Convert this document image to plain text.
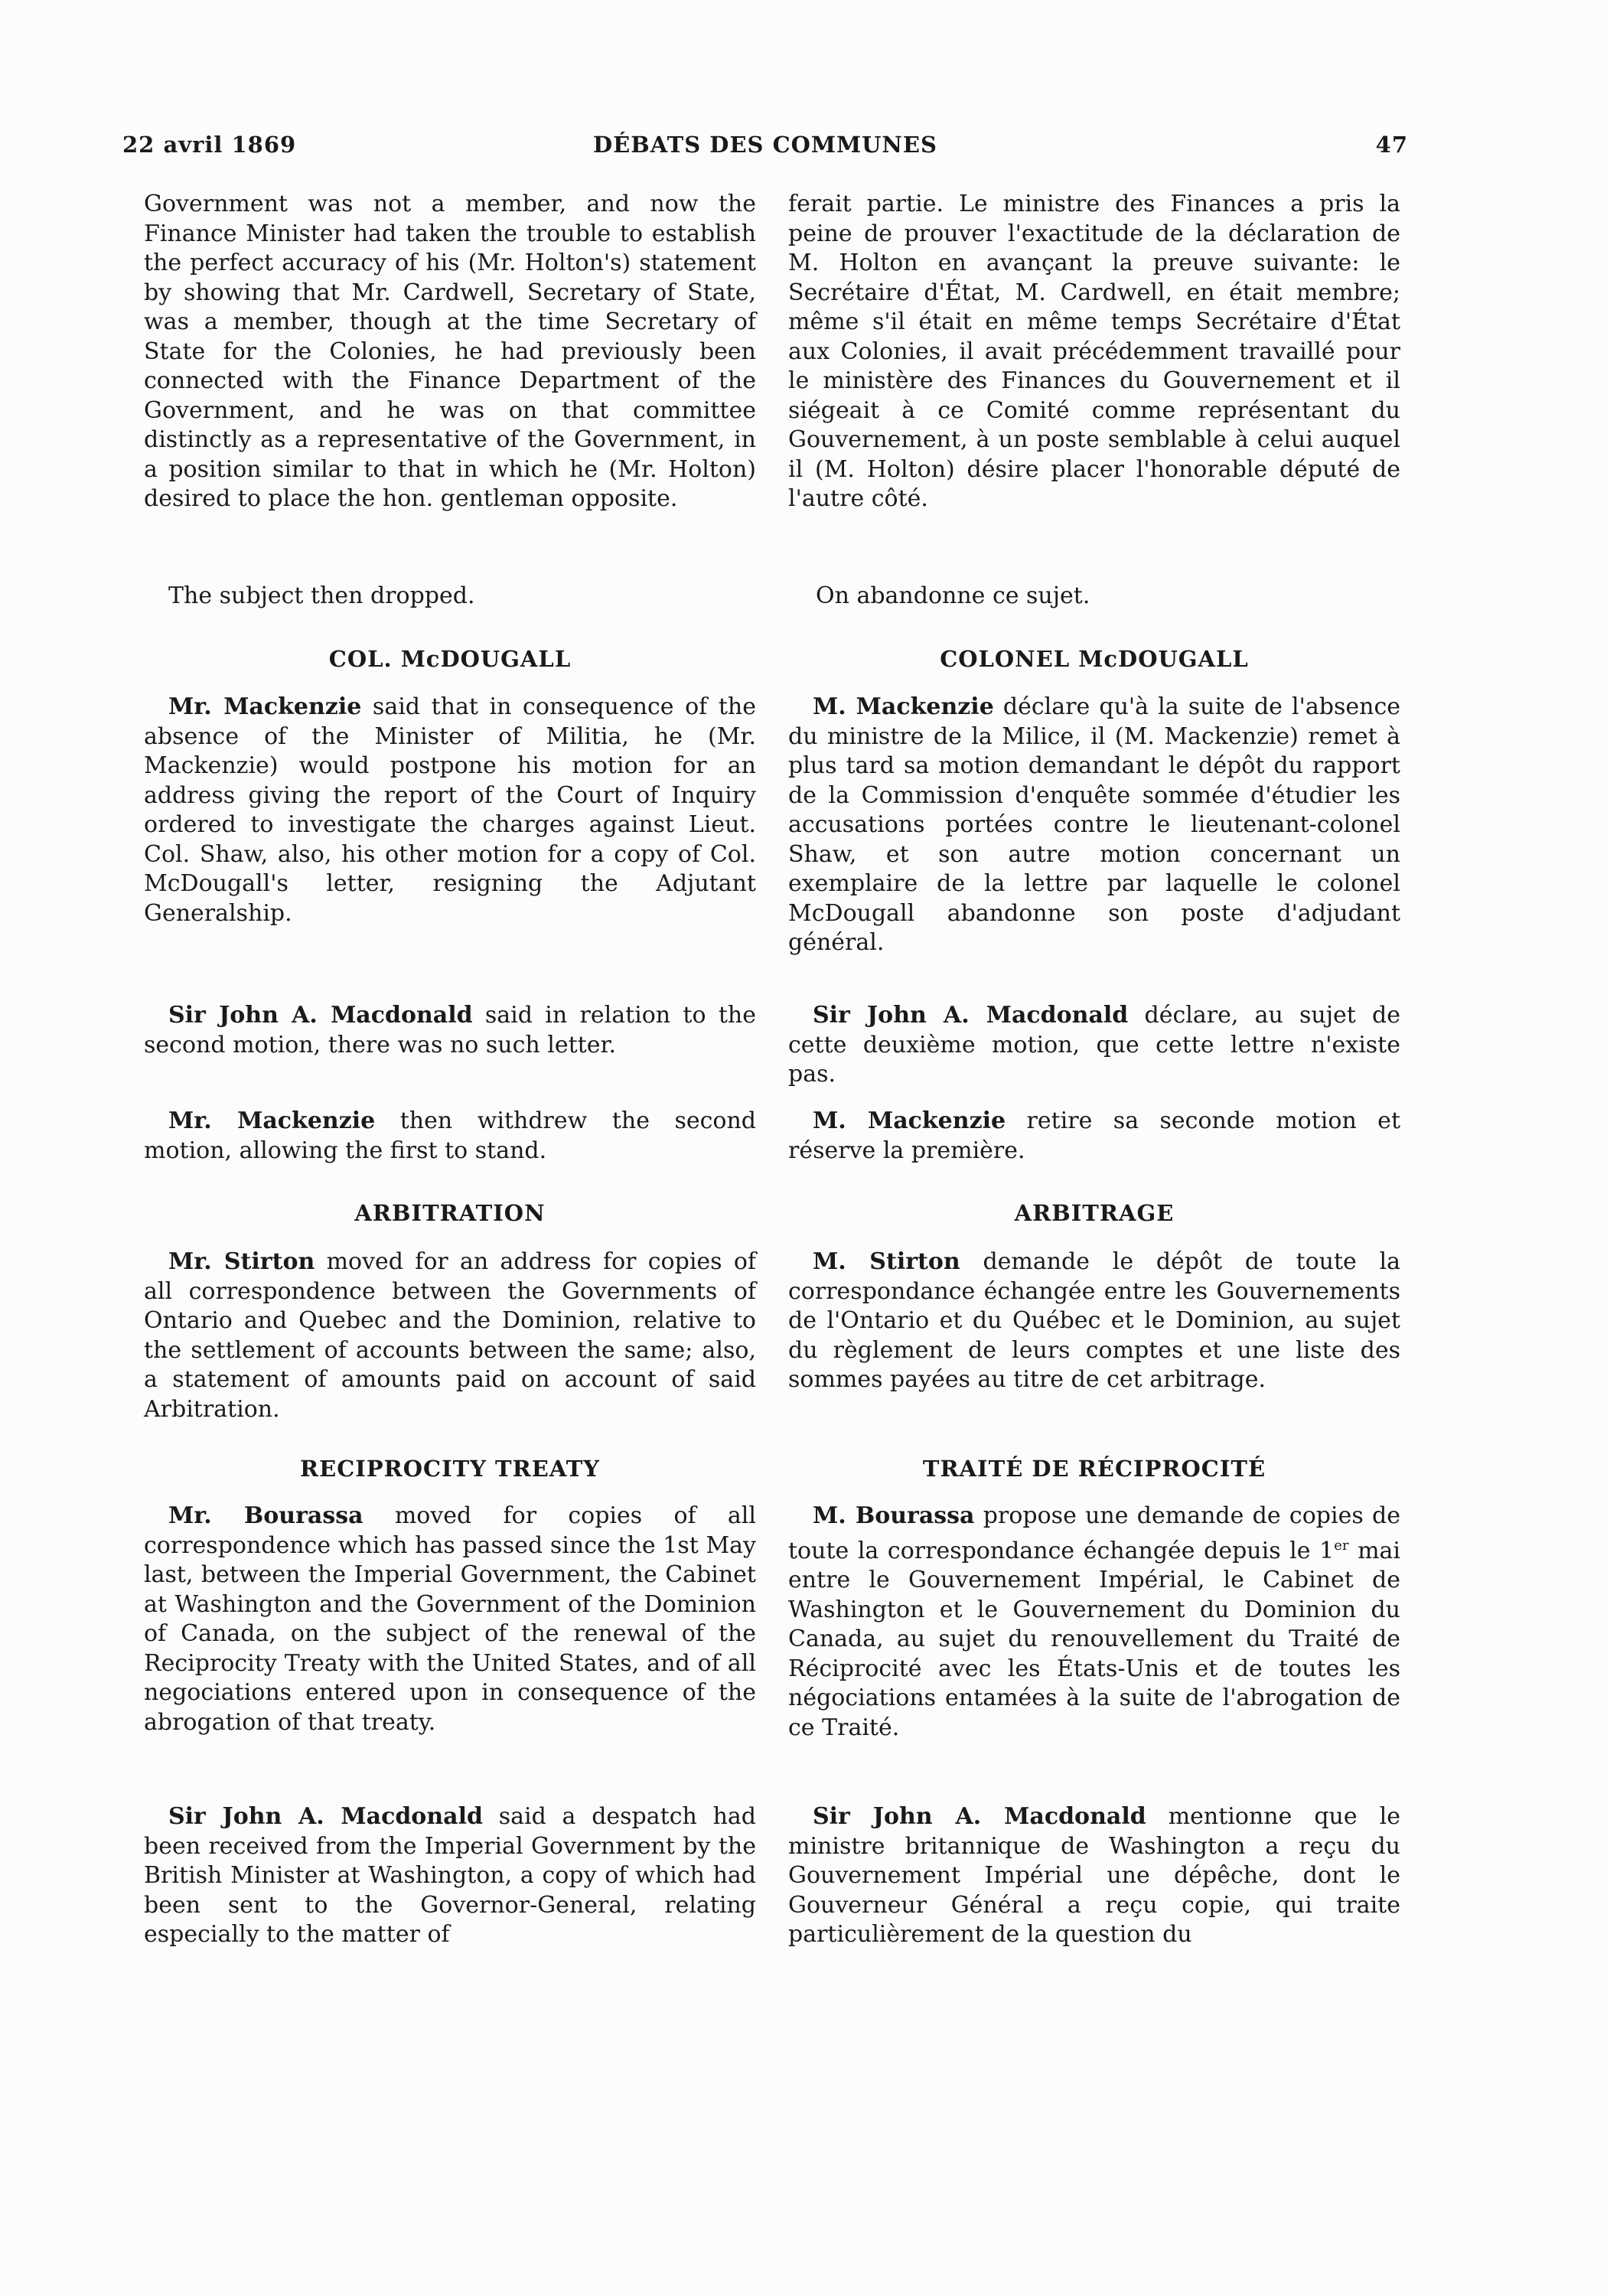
22 avril 1869	DÉBATS DES COMMUNES	47

Government was not a member, and now the Finance Minister had taken the trouble to establish the perfect accuracy of his (Mr. Holton's) statement by showing that Mr. Cardwell, Secretary of State, was a member, though at the time Secretary of State for the Colonies, he had previously been connected with the Finance Department of the Government, and he was on that committee distinctly as a representative of the Government, in a position similar to that in which he (Mr. Holton) desired to place the hon. gentleman opposite.

ferait partie. Le ministre des Finances a pris la peine de prouver l'exactitude de la déclaration de M. Holton en avançant la preuve suivante: le Secrétaire d'État, M. Cardwell, en était membre; même s'il était en même temps Secrétaire d'État aux Colonies, il avait précédemment travaillé pour le ministère des Finances du Gouvernement et il siégeait à ce Comité comme représentant du Gouvernement, à un poste semblable à celui auquel il (M. Holton) désire placer l'honorable député de l'autre côté.

The subject then dropped.	On abandonne ce sujet.

COL. McDOUGALL	COLONEL McDOUGALL

Mr. Mackenzie said that in consequence of the absence of the Minister of Militia, he (Mr. Mackenzie) would postpone his motion for an address giving the report of the Court of Inquiry ordered to investigate the charges against Lieut. Col. Shaw, also, his other motion for a copy of Col. McDougall's letter, resigning the Adjutant Generalship.

M. Mackenzie déclare qu'à la suite de l'absence du ministre de la Milice, il (M. Mackenzie) remet à plus tard sa motion demandant le dépôt du rapport de la Commission d'enquête sommée d'étudier les accusations portées contre le lieutenant-colonel Shaw, et son autre motion concernant un exemplaire de la lettre par laquelle le colonel McDougall abandonne son poste d'adjudant général.

Sir John A. Macdonald said in relation to the second motion, there was no such letter.

Sir John A. Macdonald déclare, au sujet de cette deuxième motion, que cette lettre n'existe pas.

Mr. Mackenzie then withdrew the second motion, allowing the first to stand.

M. Mackenzie retire sa seconde motion et réserve la première.

ARBITRATION	ARBITRAGE

Mr. Stirton moved for an address for copies of all correspondence between the Governments of Ontario and Quebec and the Dominion, relative to the settlement of accounts between the same; also, a statement of amounts paid on account of said Arbitration.

M. Stirton demande le dépôt de toute la correspondance échangée entre les Gouvernements de l'Ontario et du Québec et le Dominion, au sujet du règlement de leurs comptes et une liste des sommes payées au titre de cet arbitrage.

RECIPROCITY TREATY	TRAITÉ DE RÉCIPROCITÉ

Mr. Bourassa moved for copies of all correspondence which has passed since the 1st May last, between the Imperial Government, the Cabinet at Washington and the Government of the Dominion of Canada, on the subject of the renewal of the Reciprocity Treaty with the United States, and of all negociations entered upon in consequence of the abrogation of that treaty.

M. Bourassa propose une demande de copies de toute la correspondance échangée depuis le 1er mai entre le Gouvernement Impérial, le Cabinet de Washington et le Gouvernement du Dominion du Canada, au sujet du renouvellement du Traité de Réciprocité avec les États-Unis et de toutes les négociations entamées à la suite de l'abrogation de ce Traité.

Sir John A. Macdonald said a despatch had been received from the Imperial Government by the British Minister at Washington, a copy of which had been sent to the Governor-General, relating especially to the matter of

Sir John A. Macdonald mentionne que le ministre britannique de Washington a reçu du Gouvernement Impérial une dépêche, dont le Gouverneur Général a reçu copie, qui traite particulièrement de la question du
